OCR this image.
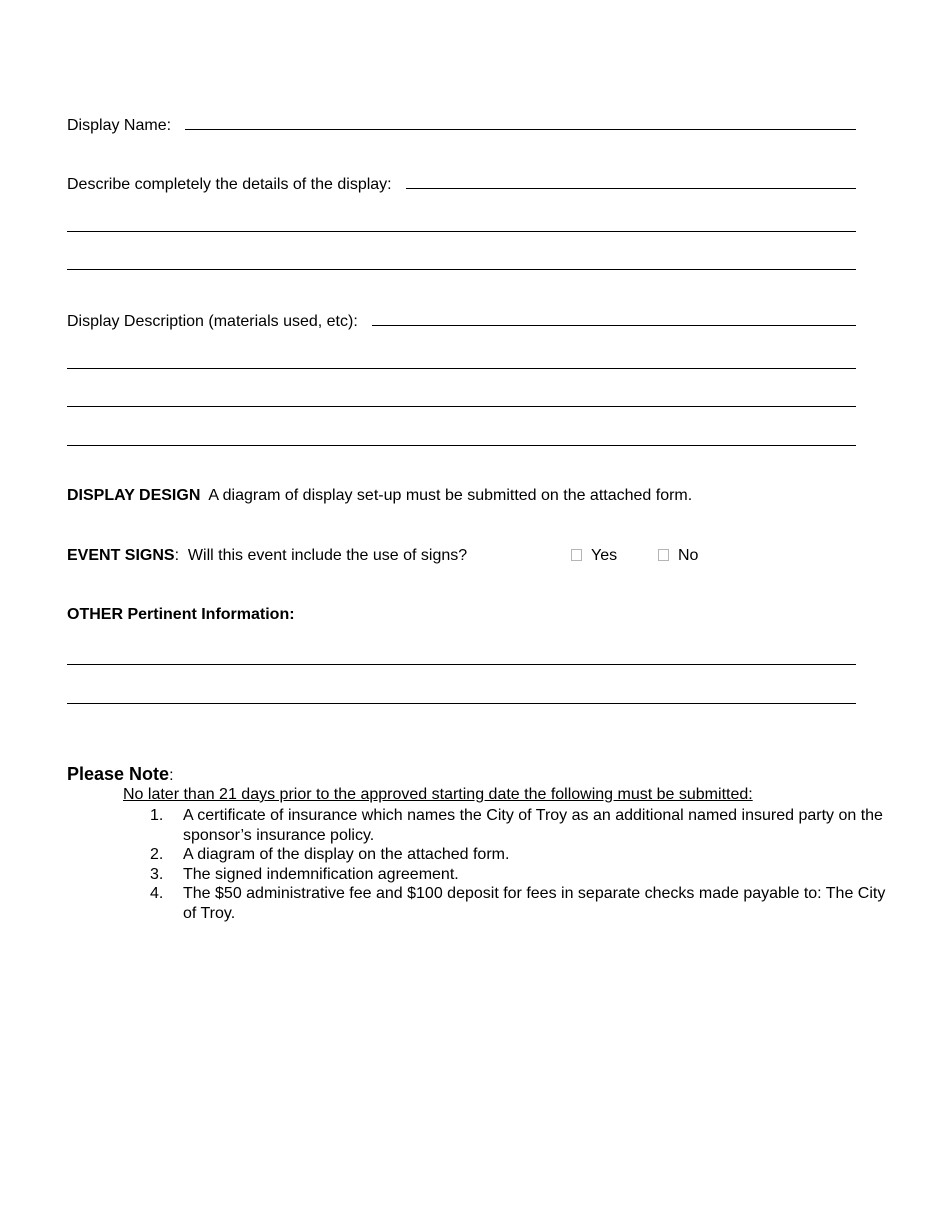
Display Name:
Describe completely the details of the display:
Display Description (materials used, etc):
DISPLAY DESIGN A diagram of display set-up must be submitted on the attached form.
EVENT SIGNS: Will this event include the use of signs?	Yes	No
OTHER Pertinent Information:
Please Note:
No later than 21 days prior to the approved starting date the following must be submitted:
1.	A certificate of insurance which names the City of Troy as an additional named insured party on the sponsor’s insurance policy.
2.	A diagram of the display on the attached form.
3.	The signed indemnification agreement.
4.	The $50 administrative fee and $100 deposit for fees in separate checks made payable to: The City of Troy.
